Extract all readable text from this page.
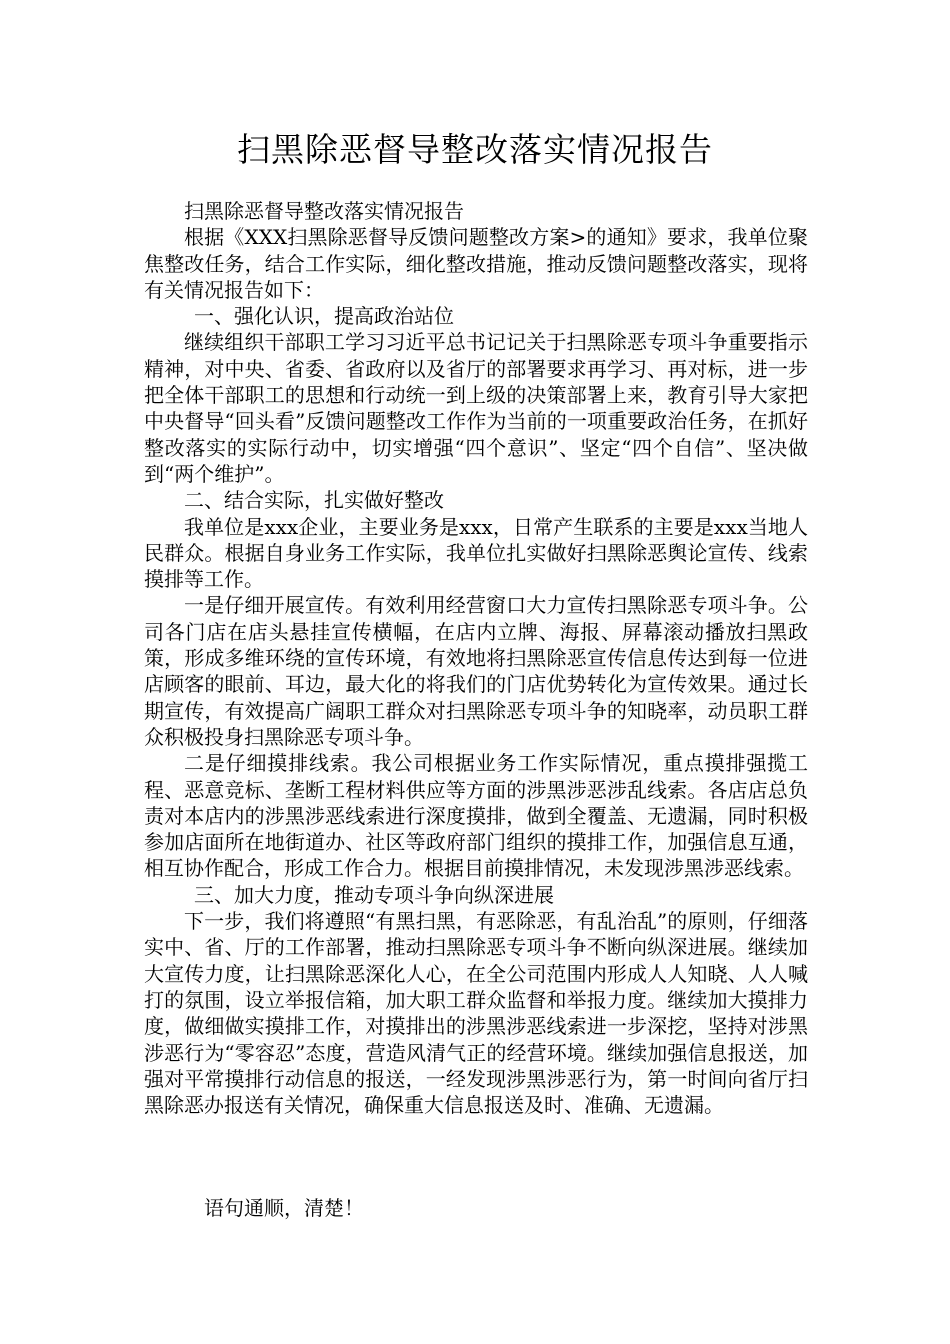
扫黑除恶督导整改落实情况报告

扫黑除恶督导整改落实情况报告

根据《XXX扫黑除恶督导反馈问题整改方案>的通知》要求，我单位聚焦整改任务，结合工作实际，细化整改措施，推动反馈问题整改落实，现将有关情况报告如下：

一、强化认识，提高政治站位

继续组织干部职工学习习近平总书记记关于扫黑除恶专项斗争重要指示精神，对中央、省委、省政府以及省厅的部署要求再学习、再对标，进一步把全体干部职工的思想和行动统一到上级的决策部署上来，教育引导大家把中央督导“回头看”反馈问题整改工作作为当前的一项重要政治任务，在抓好整改落实的实际行动中，切实增强“四个意识”、坚定“四个自信”、坚决做到“两个维护”。

二、结合实际，扎实做好整改

我单位是xxx企业，主要业务是xxx，日常产生联系的主要是xxx当地人民群众。根据自身业务工作实际，我单位扎实做好扫黑除恶舆论宣传、线索摸排等工作。

一是仔细开展宣传。有效利用经营窗口大力宣传扫黑除恶专项斗争。公司各门店在店头悬挂宣传横幅，在店内立牌、海报、屏幕滚动播放扫黑政策，形成多维环绕的宣传环境，有效地将扫黑除恶宣传信息传达到每一位进店顾客的眼前、耳边，最大化的将我们的门店优势转化为宣传效果。通过长期宣传，有效提高广阔职工群众对扫黑除恶专项斗争的知晓率，动员职工群众积极投身扫黑除恶专项斗争。

二是仔细摸排线索。我公司根据业务工作实际情况，重点摸排强揽工程、恶意竞标、垄断工程材料供应等方面的涉黑涉恶涉乱线索。各店店总负责对本店内的涉黑涉恶线索进行深度摸排，做到全覆盖、无遗漏，同时积极参加店面所在地街道办、社区等政府部门组织的摸排工作，加强信息互通，相互协作配合，形成工作合力。根据目前摸排情况，未发现涉黑涉恶线索。

三、加大力度，推动专项斗争向纵深进展

下一步，我们将遵照“有黑扫黑，有恶除恶，有乱治乱”的原则，仔细落实中、省、厅的工作部署，推动扫黑除恶专项斗争不断向纵深进展。继续加大宣传力度，让扫黑除恶深化人心，在全公司范围内形成人人知晓、人人喊打的氛围，设立举报信箱，加大职工群众监督和举报力度。继续加大摸排力度，做细做实摸排工作，对摸排出的涉黑涉恶线索进一步深挖，坚持对涉黑涉恶行为“零容忍”态度，营造风清气正的经营环境。继续加强信息报送，加强对平常摸排行动信息的报送，一经发现涉黑涉恶行为，第一时间向省厅扫黑除恶办报送有关情况，确保重大信息报送及时、准确、无遗漏。

语句通顺，清楚！
